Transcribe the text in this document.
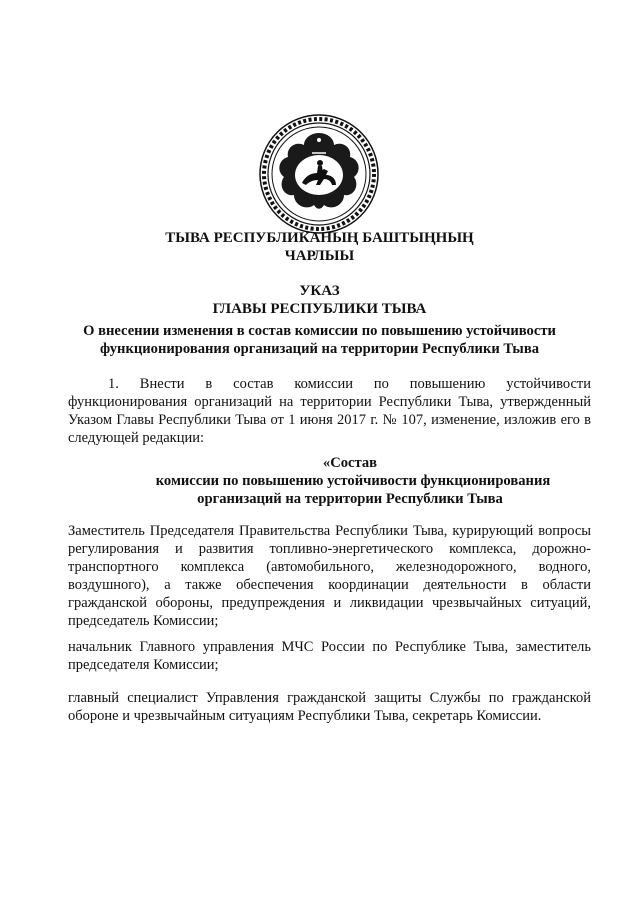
ТЫВА РЕСПУБЛИКАНЫҢ БАШТЫҢНЫҢ

ЧАРЛЫЫ

УКАЗ

ГЛАВЫ РЕСПУБЛИКИ ТЫВА

О внесении изменения в состав комиссии по повышению устойчивости

функционирования организаций на территории Республики Тыва

1. Внести в состав комиссии по повышению устойчивости функционирования организаций на территории Республики Тыва, утвержденный Указом Главы Республики Тыва от 1 июня 2017 г. № 107, изменение, изложив его в следующей редакции:

«Состав

комиссии по повышению устойчивости функционирования

организаций на территории Республики Тыва

Заместитель Председателя Правительства Республики Тыва, курирующий вопросы регулирования и развития топливно-энергетического комплекса, дорожно-транспортного комплекса (автомобильного, железнодорожного, водного, воздушного), а также обеспечения координации деятельности в области гражданской обороны, предупреждения и ликвидации чрезвычайных ситуаций, председатель Комиссии;

начальник Главного управления МЧС России по Республике Тыва, заместитель председателя Комиссии;

главный специалист Управления гражданской защиты Службы по гражданской обороне и чрезвычайным ситуациям Республики Тыва, секретарь Комиссии.
